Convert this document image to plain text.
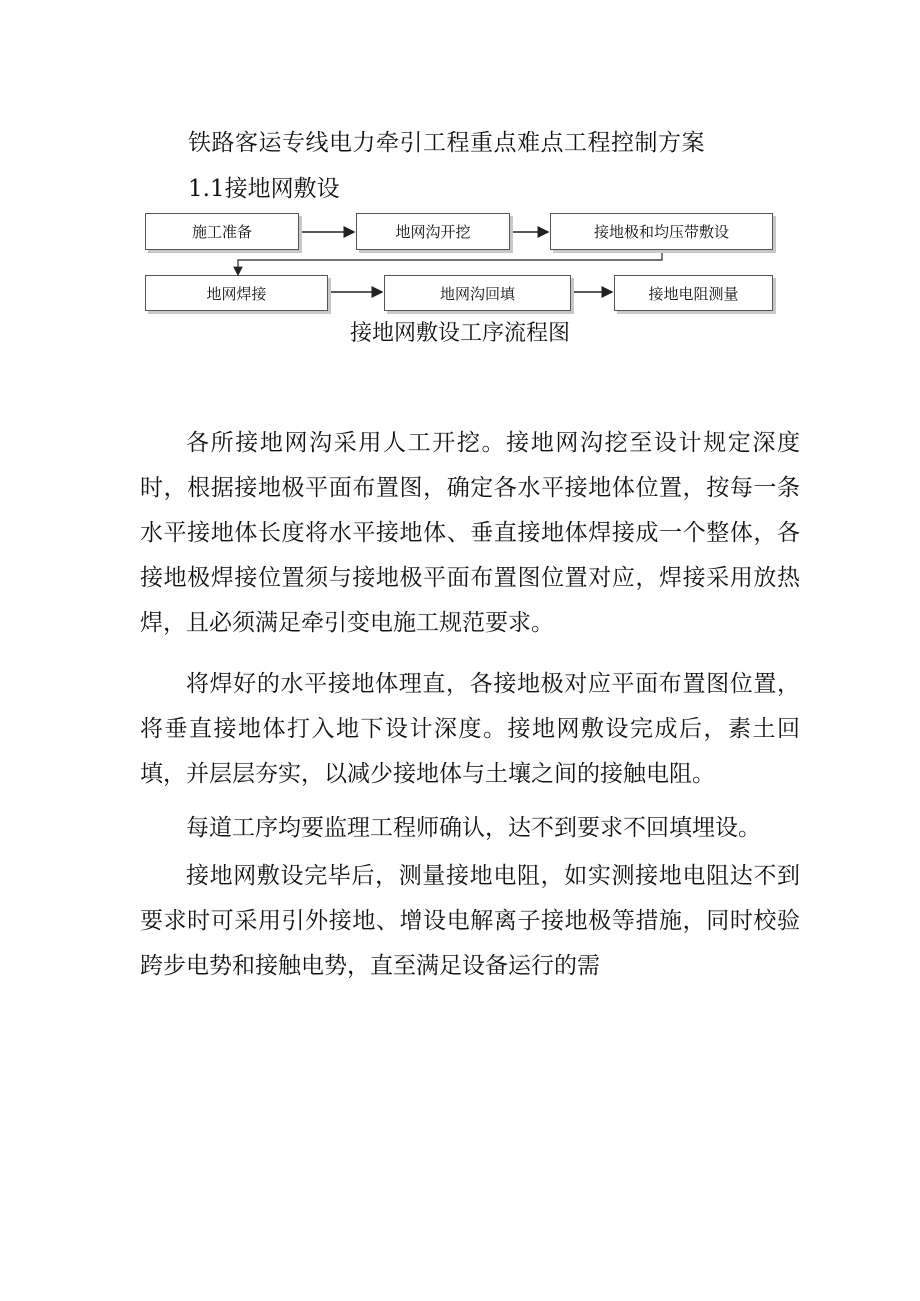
铁路客运专线电力牵引工程重点难点工程控制方案
1.1接地网敷设
施工准备	地网沟开挖	接地极和均压带敷设
地网焊接	地网沟回填	接地电阻测量
接地网敷设工序流程图

各所接地网沟采用人工开挖。接地网沟挖至设计规定深度时，根据接地极平面布置图，确定各水平接地体位置，按每一条水平接地体长度将水平接地体、垂直接地体焊接成一个整体，各接地极焊接位置须与接地极平面布置图位置对应，焊接采用放热焊，且必须满足牵引变电施工规范要求。

将焊好的水平接地体理直，各接地极对应平面布置图位置，将垂直接地体打入地下设计深度。接地网敷设完成后，素土回填，并层层夯实，以减少接地体与土壤之间的接触电阻。

每道工序均要监理工程师确认，达不到要求不回填埋设。

接地网敷设完毕后，测量接地电阻，如实测接地电阻达不到要求时可采用引外接地、增设电解离子接地极等措施，同时校验跨步电势和接触电势，直至满足设备运行的需
